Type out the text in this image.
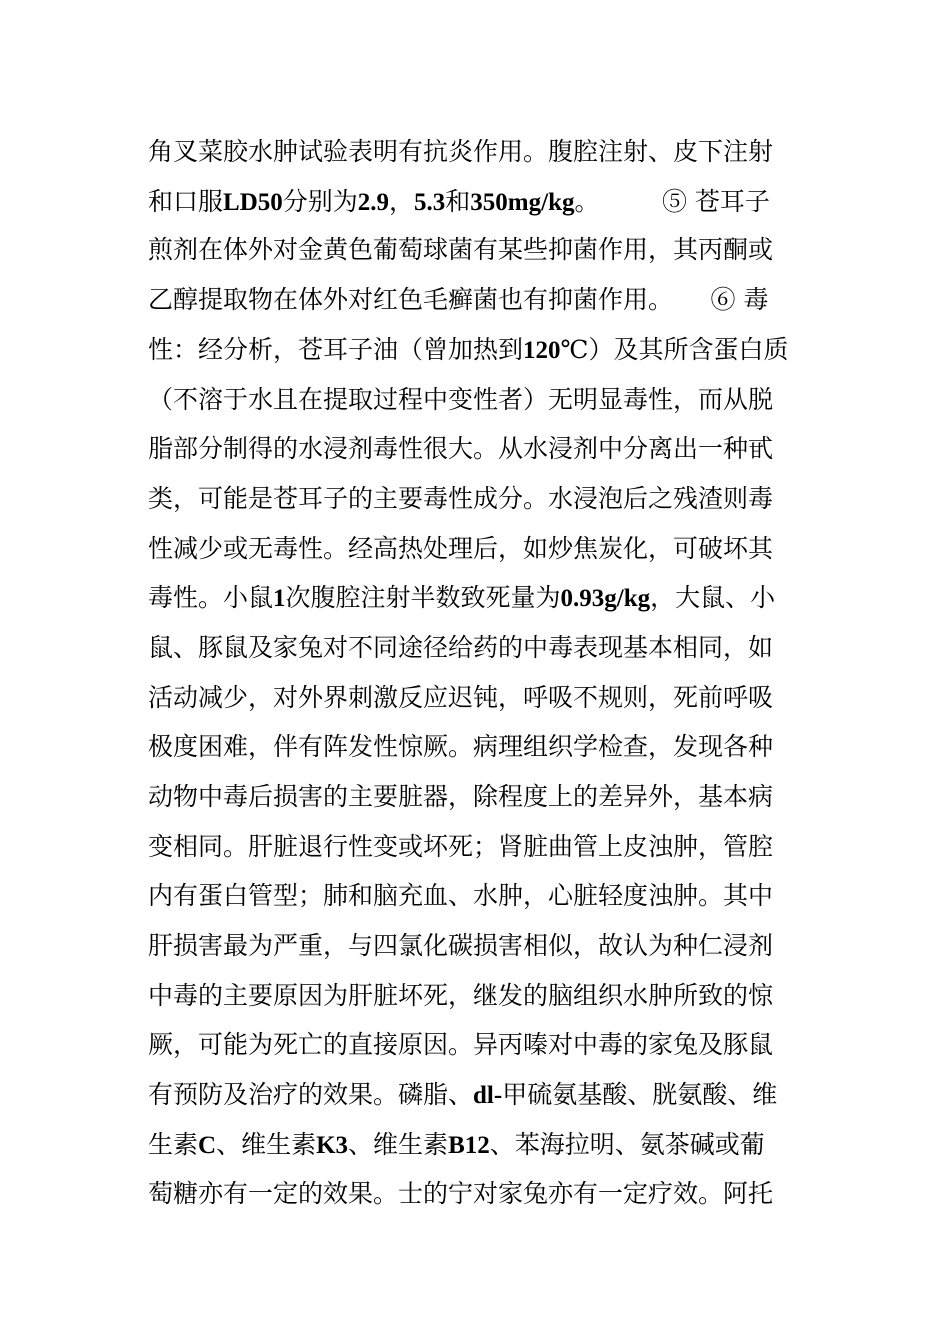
角叉菜胶水肿试验表明有抗炎作用。腹腔注射、皮下注射
和口服LD50分别为2.9，5.3和350mg/kg。　　　⑤ 苍耳子
煎剂在体外对金黄色葡萄球菌有某些抑菌作用，其丙酮或
乙醇提取物在体外对红色毛癣菌也有抑菌作用。　　⑥ 毒
性：经分析，苍耳子油（曾加热到120℃）及其所含蛋白质
（不溶于水且在提取过程中变性者）无明显毒性，而从脱
脂部分制得的水浸剂毒性很大。从水浸剂中分离出一种甙
类，可能是苍耳子的主要毒性成分。水浸泡后之残渣则毒
性减少或无毒性。经高热处理后，如炒焦炭化，可破坏其
毒性。小鼠1次腹腔注射半数致死量为0.93g/kg，大鼠、小
鼠、豚鼠及家兔对不同途径给药的中毒表现基本相同，如
活动减少，对外界刺激反应迟钝，呼吸不规则，死前呼吸
极度困难，伴有阵发性惊厥。病理组织学检查，发现各种
动物中毒后损害的主要脏器，除程度上的差异外，基本病
变相同。肝脏退行性变或坏死；肾脏曲管上皮浊肿，管腔
内有蛋白管型；肺和脑充血、水肿，心脏轻度浊肿。其中
肝损害最为严重，与四氯化碳损害相似，故认为种仁浸剂
中毒的主要原因为肝脏坏死，继发的脑组织水肿所致的惊
厥，可能为死亡的直接原因。异丙嗪对中毒的家兔及豚鼠
有预防及治疗的效果。磷脂、dl-甲硫氨基酸、胱氨酸、维
生素C、维生素K3、维生素B12、苯海拉明、氨茶碱或葡
萄糖亦有一定的效果。士的宁对家兔亦有一定疗效。阿托
